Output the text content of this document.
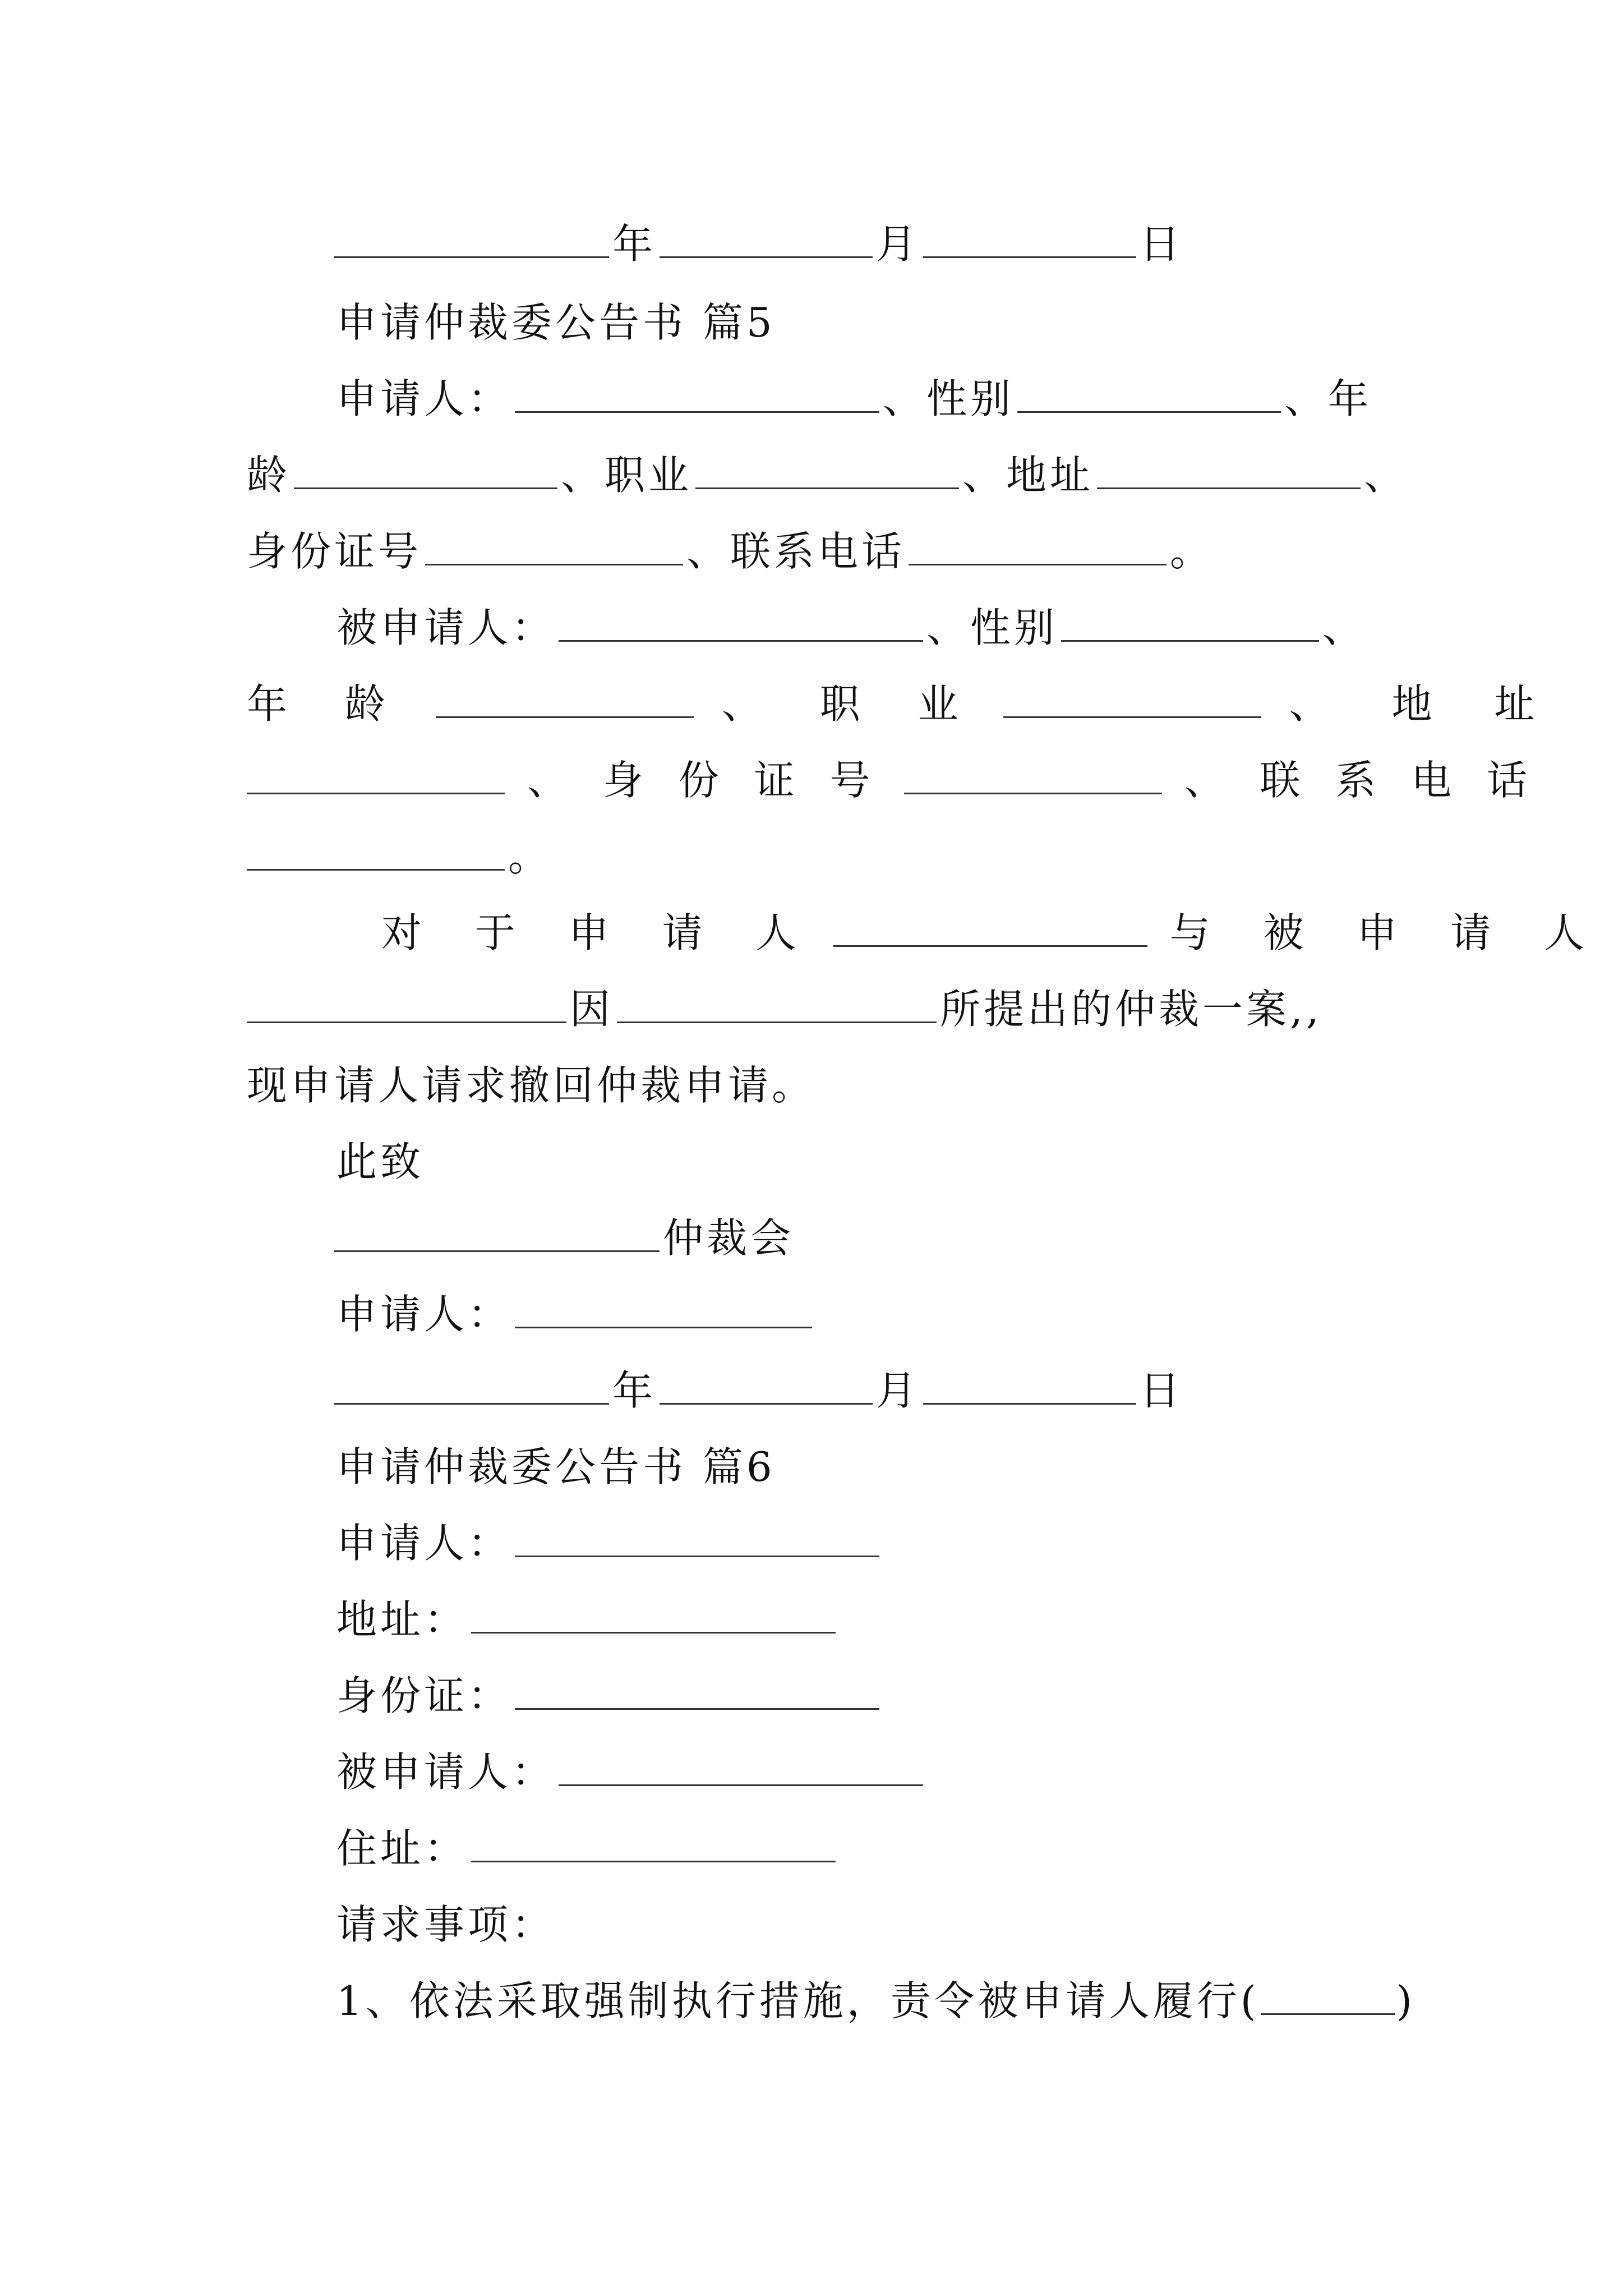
年	月	日
申请仲裁委公告书 篇5
申请人：	、性别	、年
龄	、职业	、地址	、
身份证号	、联系电话	。
被申请人：	、性别	、
年 龄	、 职 业	、 地 址
、 身 份 证 号	、 联 系 电 话
。
对 于 申 请 人	与 被 申 请 人
因	所提出的仲裁一案,,
现申请人请求撤回仲裁申请。
此致
仲裁会
申请人：
年	月	日
申请仲裁委公告书 篇6
申请人：
地址：
身份证：
被申请人：
住址：
请求事项：
1、依法采取强制执行措施，责令被申请人履行(	)
